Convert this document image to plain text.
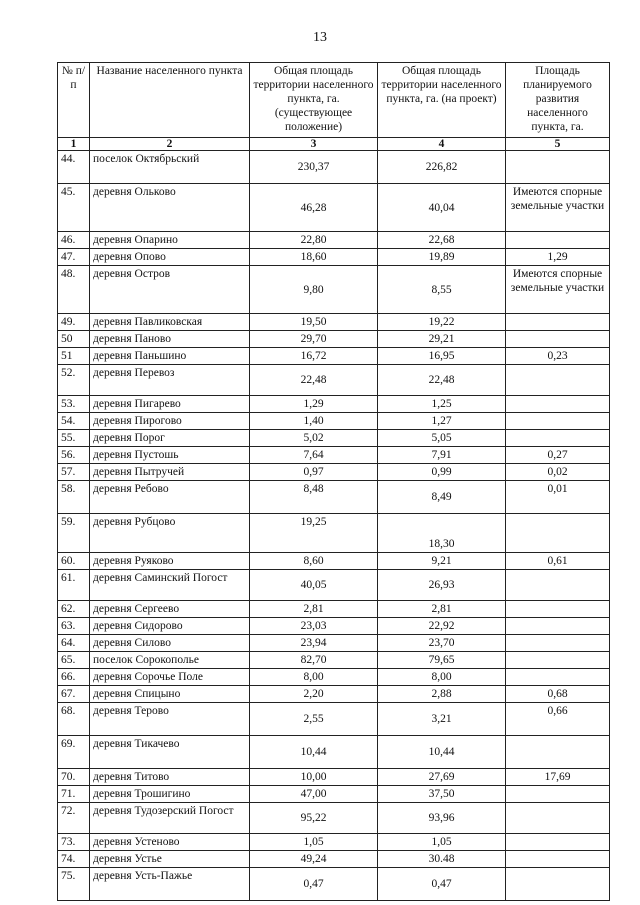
13
№ п/п	Название населенного пункта	Общая площадь территории населенного пункта, га. (существующее положение)	Общая площадь территории населенного пункта, га. (на проект)	Площадь планируемого развития населенного пункта, га.
1	2	3	4	5
44.	поселок Октябрьский	230,37	226,82	
45.	деревня Ольково	46,28	40,04	Имеются спорные земельные участки
46.	деревня Опарино	22,80	22,68	
47.	деревня Опово	18,60	19,89	1,29
48.	деревня Остров	9,80	8,55	Имеются спорные земельные участки
49.	деревня Павликовская	19,50	19,22	
50	деревня Паново	29,70	29,21	
51	деревня Паньшино	16,72	16,95	0,23
52.	деревня Перевоз	22,48	22,48	
53.	деревня Пигарево	1,29	1,25	
54.	деревня Пирогово	1,40	1,27	
55.	деревня Порог	5,02	5,05	
56.	деревня Пустошь	7,64	7,91	0,27
57.	деревня Пытручей	0,97	0,99	0,02
58.	деревня Ребово	8,48	8,49	0,01
59.	деревня Рубцово	19,25	18,30	
60.	деревня Руяково	8,60	9,21	0,61
61.	деревня Саминский Погост	40,05	26,93	
62.	деревня Сергеево	2,81	2,81	
63.	деревня Сидорово	23,03	22,92	
64.	деревня Силово	23,94	23,70	
65.	поселок Сорокополье	82,70	79,65	
66.	деревня Сорочье Поле	8,00	8,00	
67.	деревня Спицыно	2,20	2,88	0,68
68.	деревня Терово	2,55	3,21	0,66
69.	деревня Тикачево	10,44	10,44	
70.	деревня Титово	10,00	27,69	17,69
71.	деревня Трошигино	47,00	37,50	
72.	деревня Тудозерский Погост	95,22	93,96	
73.	деревня Устеново	1,05	1,05	
74.	деревня Устье	49,24	30.48	
75.	деревня Усть-Пажье	0,47	0,47	
